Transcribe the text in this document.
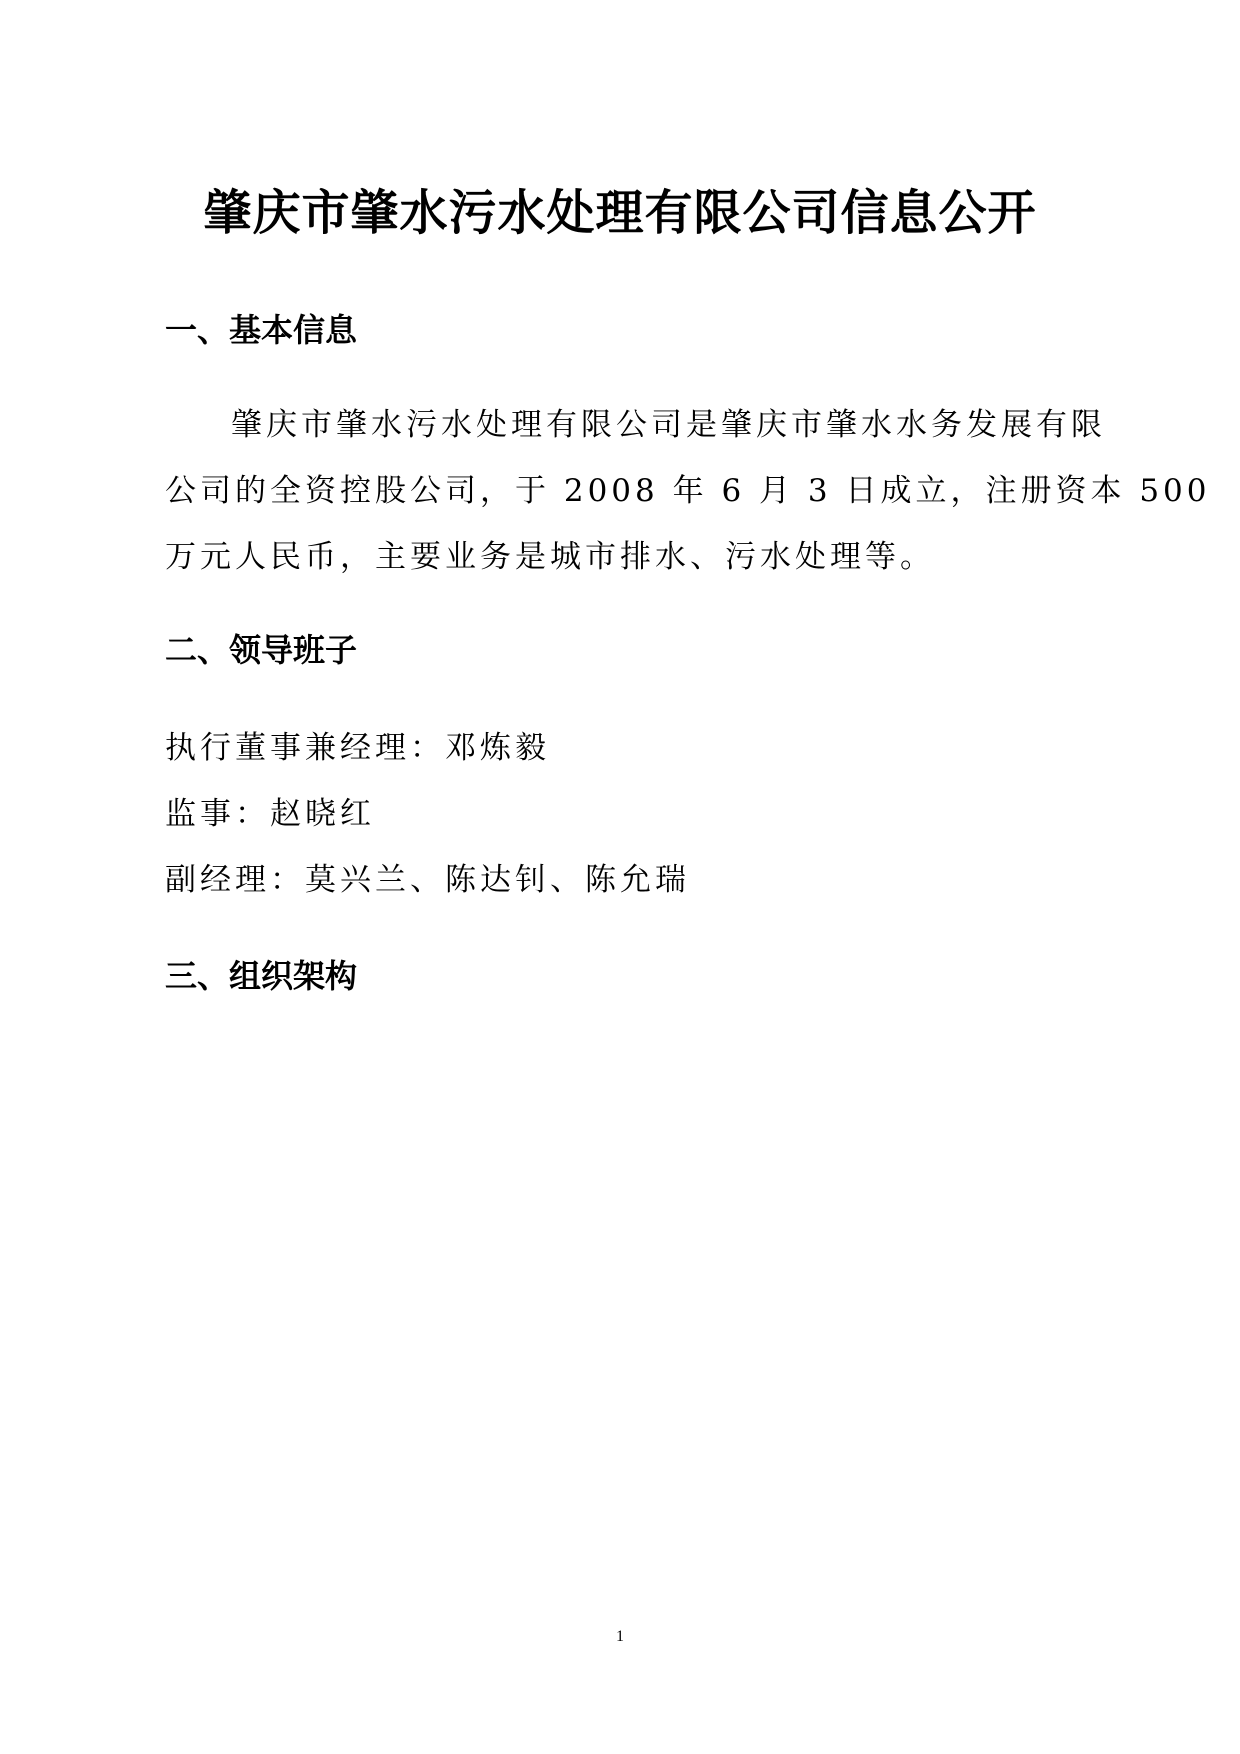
肇庆市肇水污水处理有限公司信息公开
一、基本信息
肇庆市肇水污水处理有限公司是肇庆市肇水水务发展有限
公司的全资控股公司，于 2008 年 6 月 3 日成立，注册资本 500
万元人民币，主要业务是城市排水、污水处理等。
二、领导班子

执行董事兼经理：邓炼毅

监事：赵晓红

副经理：莫兴兰、陈达钊、陈允瑞

三、组织架构
1
